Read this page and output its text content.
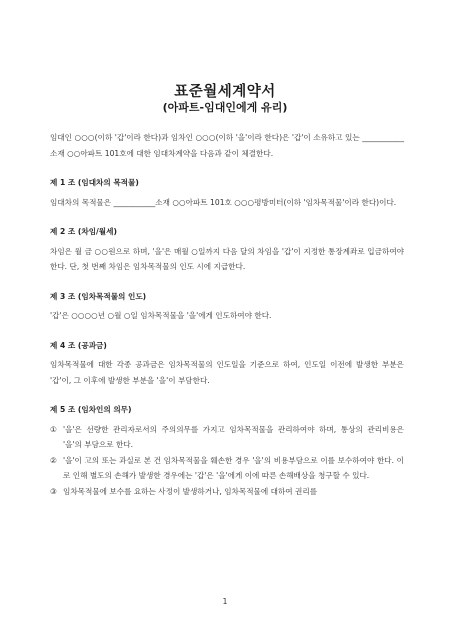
표준월세계약서
(아파트-임대인에게 유리)
임대인 ○○○(이하 '갑'이라 한다)과 임차인 ○○○(이하 '을'이라 한다)은 '갑'이 소유하고 있는 ___________소재 ○○아파트 101호에 대한 임대차계약을 다음과 같이 체결한다.
제 1 조 (임대차의 목적물)
임대차의 목적물은 ___________소재 ○○아파트 101호 ○○○평방미터(이하 '임차목적물'이라 한다)이다.
제 2 조 (차임/월세)
차임은 월 금 ○○원으로 하며, '을'은 매월 ○일까지 다음 달의 차임을 '갑'이 지정한 통장계좌로 입금하여야 한다. 단, 첫 번째 차임은 임차목적물의 인도 시에 지급한다.
제 3 조 (임차목적물의 인도)
'갑'은 ○○○○년 ○월 ○일 임차목적물을 '을'에게 인도하여야 한다.
제 4 조 (공과금)
임차목적물에 대한 각종 공과금은 임차목적물의 인도일을 기준으로 하여, 인도일 이전에 발생한 부분은 '갑'이, 그 이후에 발생한 부분을 '을'이 부담한다.
제 5 조 (임차인의 의무)
① '을'은 선량한 관리자로서의 주의의무를 가지고 임차목적물을 관리하여야 하며, 통상의 관리비용은 '을'의 부담으로 한다.
② '을'이 고의 또는 과실로 본 건 임차목적물을 훼손한 경우 '을'의 비용부담으로 이를 보수하여야 한다. 이로 인해 별도의 손해가 발생한 경우에는 '갑'은 '을'에게 이에 따른 손해배상을 청구할 수 있다.
③ 임차목적물에 보수를 요하는 사정이 발생하거나, 임차목적물에 대하여 권리를
1
